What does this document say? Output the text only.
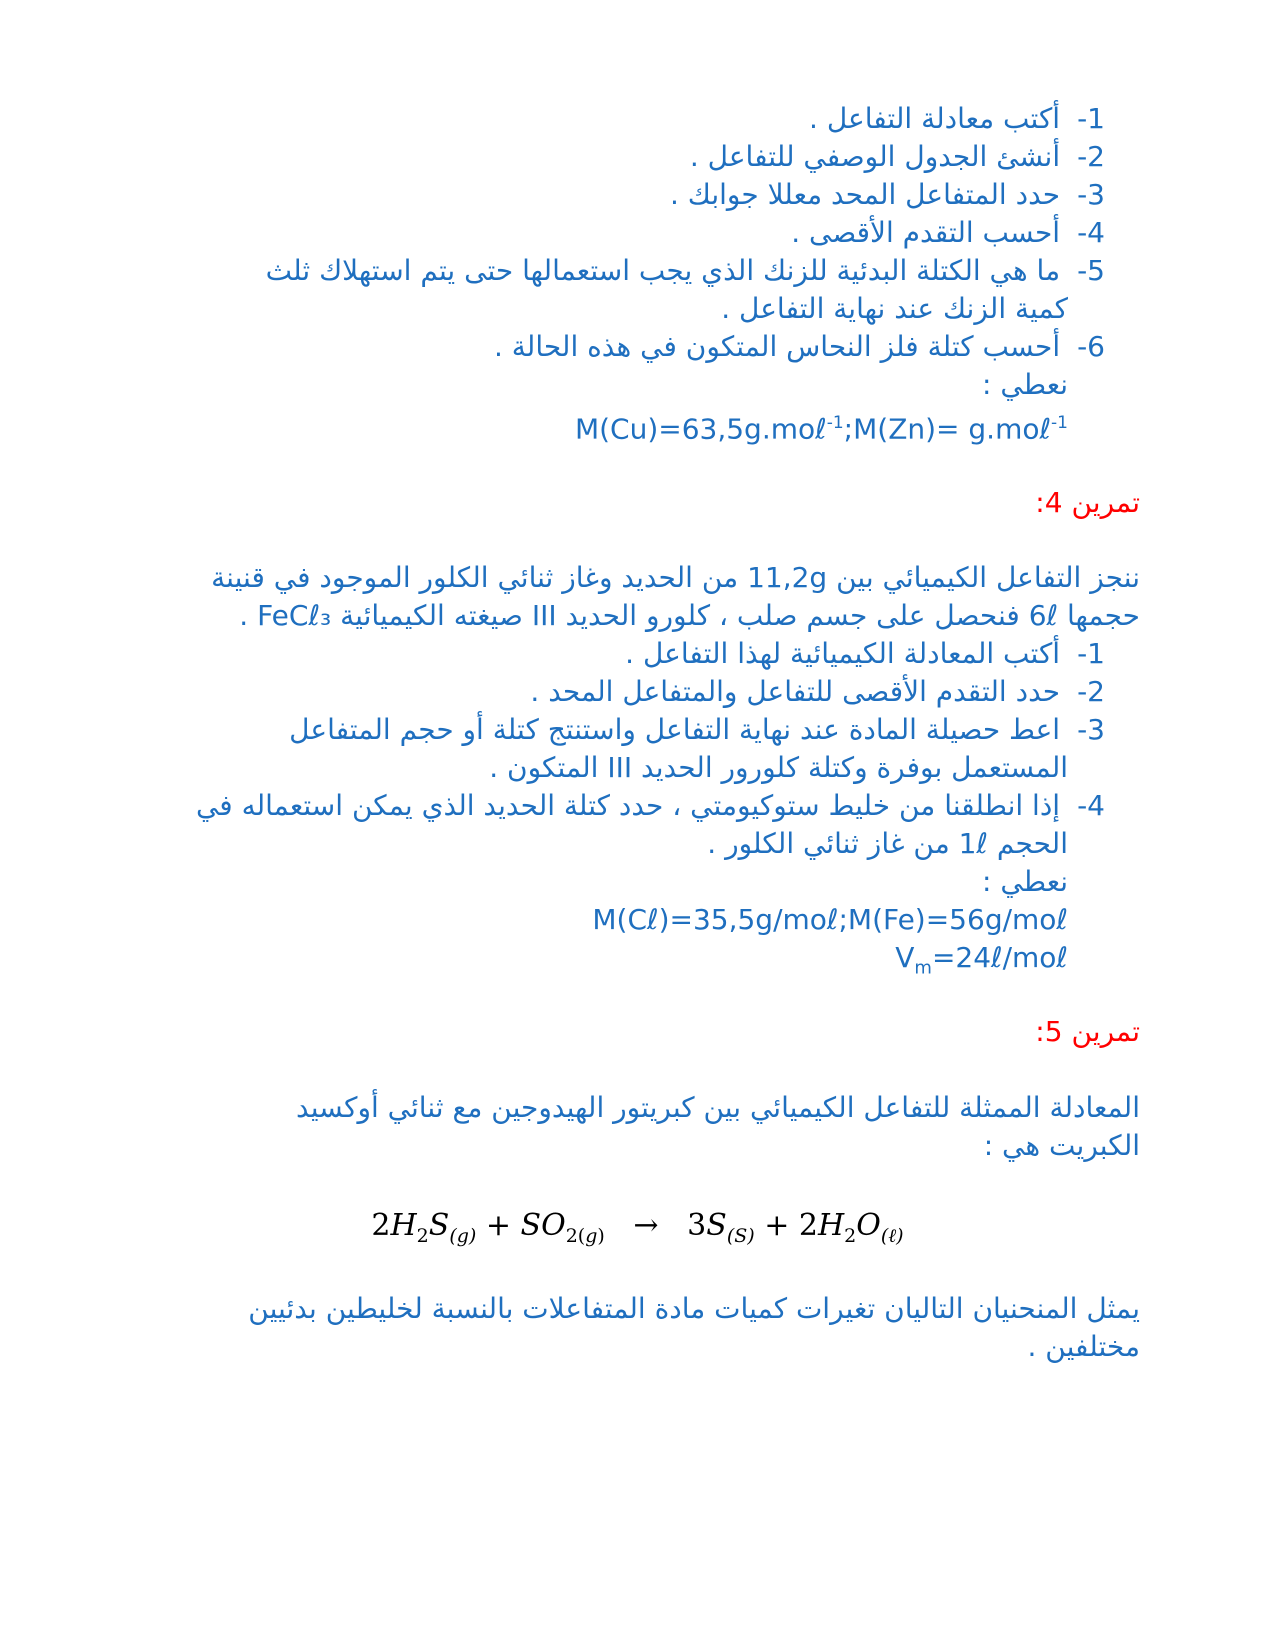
-1 أكتب معادلة التفاعل .
-2 أنشئ الجدول الوصفي للتفاعل .
-3 حدد المتفاعل المحد معللا جوابك .
-4 أحسب التقدم الأقصى .
-5 ما هي الكتلة البدئية للزنك الذي يجب استعمالها حتى يتم استهلاك ثلث
كمية الزنك عند نهاية التفاعل .
-6 أحسب كتلة فلز النحاس المتكون في هذه الحالة .
نعطي :
M(Cu)=63,5g.moℓ$^{-1}$;M(Zn)= g.moℓ$^{-1}$
تمرين 4:
ننجز التفاعل الكيميائي بين 11,2g من الحديد وغاز ثنائي الكلور الموجود في قنينة
حجمها 6ℓ فنحصل على جسم صلب ، كلورو الحديد III صيغته الكيميائية FeCℓ₃ .
-1 أكتب المعادلة الكيميائية لهذا التفاعل .
-2 حدد التقدم الأقصى للتفاعل والمتفاعل المحد .
-3 اعط حصيلة المادة عند نهاية التفاعل واستنتج كتلة أو حجم المتفاعل
المستعمل بوفرة وكتلة كلورور الحديد III المتكون .
-4 إذا انطلقنا من خليط ستوكيومتي ، حدد كتلة الحديد الذي يمكن استعماله في
الحجم 1ℓ من غاز ثنائي الكلور .
نعطي :
M(Cℓ)=35,5g/moℓ;M(Fe)=56g/moℓ
$V_m=24\ell$/moℓ
تمرين 5:
المعادلة الممثلة للتفاعل الكيميائي بين كبريتور الهيدوجين مع ثنائي أوكسيد
الكبريت هي :
$2H_2S_{(g)} + SO_{2(g)} \to 3S_{(S)} + 2H_2O_{(\ell)}$
يمثل المنحنيان التاليان تغيرات كميات مادة المتفاعلات بالنسبة لخليطين بدئيين
مختلفين .
